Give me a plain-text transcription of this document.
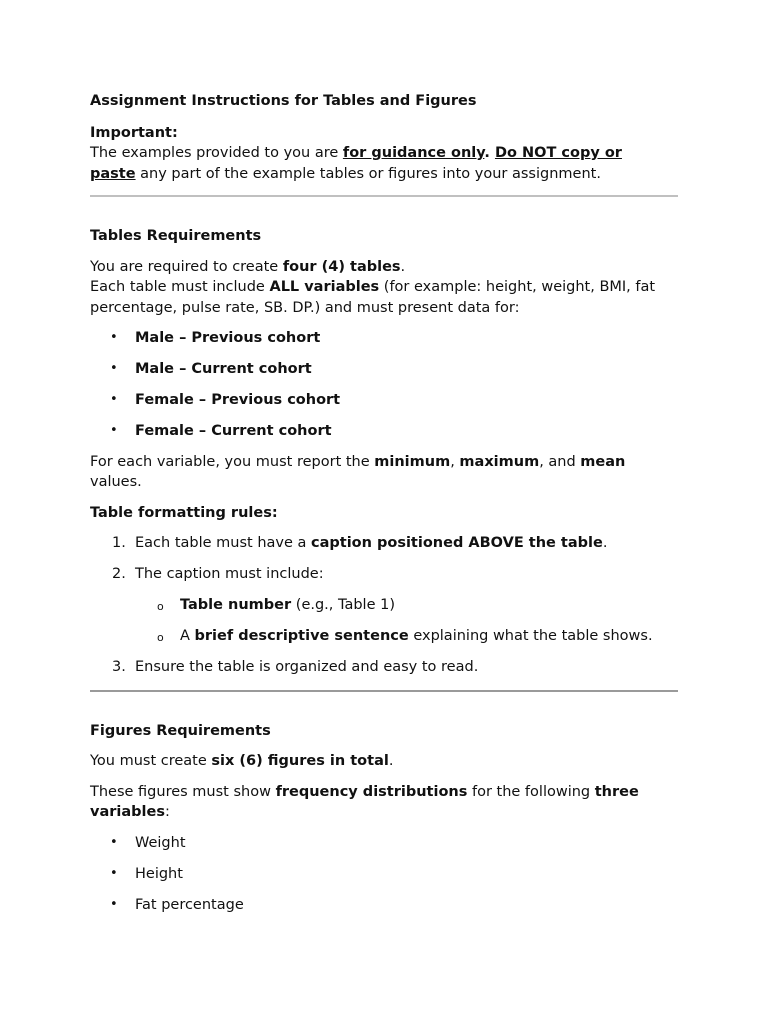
Assignment Instructions for Tables and Figures

Important:

The examples provided to you are for guidance only. Do NOT copy or
paste any part of the example tables or figures into your assignment.

Tables Requirements

You are required to create four (4) tables.

Each table must include ALL variables (for example: height, weight, BMI, fat
percentage, pulse rate, SB. DP.) and must present data for:

• Male – Previous cohort
• Male – Current cohort
• Female – Previous cohort
• Female – Current cohort

For each variable, you must report the minimum, maximum, and mean
values.

Table formatting rules:

1. Each table must have a caption positioned ABOVE the table.
2. The caption must include:
o Table number (e.g., Table 1)
o A brief descriptive sentence explaining what the table shows.
3. Ensure the table is organized and easy to read.

Figures Requirements

You must create six (6) figures in total.

These figures must show frequency distributions for the following three
variables:

• Weight
• Height
• Fat percentage
